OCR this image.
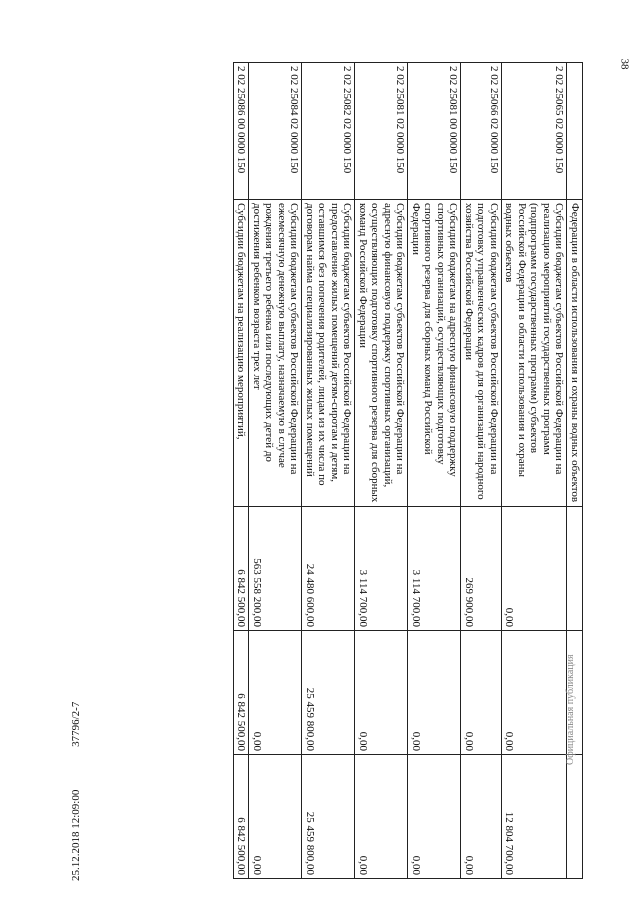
38
	Федерации в области использования и охраны водных объектов			
2 02 25065 02 0000 150	Субсидии бюджетам субъектов Российской Федерации на реализацию мероприятий государственных программ (подпрограмм государственных программ) субъектов Российской Федерации в области использования и охраны водных объектов	0,00	0,00	12 804 700,00
2 02 25066 02 0000 150	Субсидии бюджетам субъектов Российской Федерации на подготовку управленческих кадров для организаций народного хозяйства Российской Федерации	269 900,00	0,00	0,00
2 02 25081 00 0000 150	Субсидии бюджетам на адресную финансовую поддержку спортивных организаций, осуществляющих подготовку спортивного резерва для сборных команд Российской Федерации	3 114 700,00	0,00	0,00
2 02 25081 02 0000 150	Субсидии бюджетам субъектов Российской Федерации на адресную финансовую поддержку спортивных организаций, осуществляющих подготовку спортивного резерва для сборных команд Российской Федерации	3 114 700,00	0,00	0,00
2 02 25082 02 0000 150	Субсидии бюджетам субъектов Российской Федерации на предоставление жилых помещений детям-сиротам и детям, оставшимся без попечения родителей, лицам из их числа по договорам найма специализированных жилых помещений	24 480 600,00	25 459 800,00	25 459 800,00
2 02 25084 02 0000 150	Субсидии бюджетам субъектов Российской Федерации на ежемесячную денежную выплату, назначаемую в случае рождения третьего ребенка или последующих детей до достижения ребенком возраста трех лет	563 558 200,00	0,00	0,00
2 02 25086 00 0000 150	Субсидии бюджетам на реализацию мероприятий,	6 842 500,00	6 842 500,00	6 842 500,00
Официальная публикация
25.12.2018 12:09:00 37796/2-7
